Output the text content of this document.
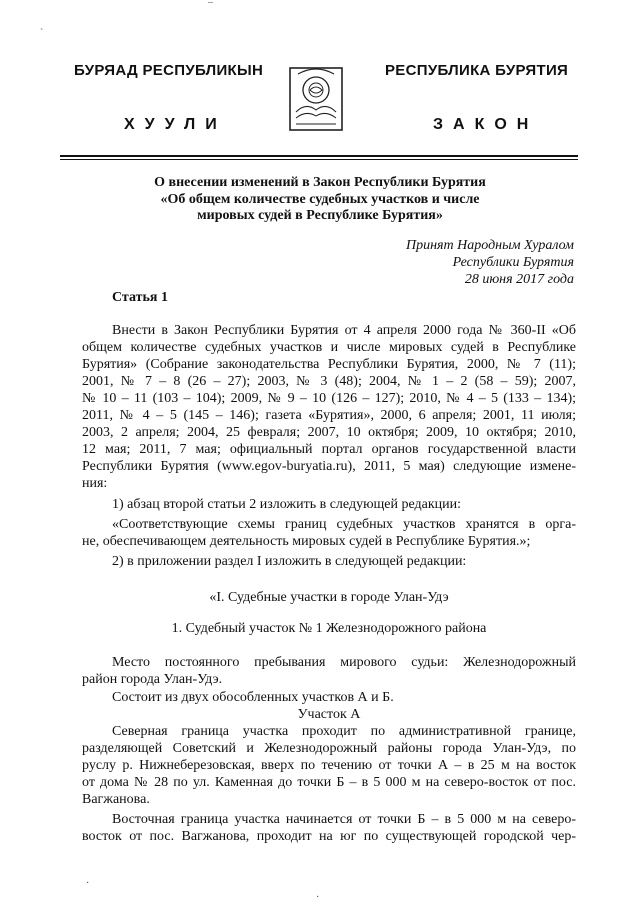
¯
ˋ
БУРЯАД РЕСПУБЛИКЫН
ХУУЛИ
РЕСПУБЛИКА БУРЯТИЯ
ЗАКОН
О внесении изменений в Закон Республики Бурятия
«Об общем количестве судебных участков и числе
мировых судей в Республике Бурятия»
Принят Народным Хуралом
Республики Бурятия
28 июня 2017 года
Статья 1
Внести в Закон Республики Бурятия от 4 апреля 2000 года № 360-II «Об
общем количестве судебных участков и числе мировых судей в Республике
Бурятия» (Собрание законодательства Республики Бурятия, 2000, № 7 (11);
2001, № 7 – 8 (26 – 27); 2003, № 3 (48); 2004, № 1 – 2 (58 – 59); 2007,
№ 10 – 11 (103 – 104); 2009, № 9 – 10 (126 – 127); 2010, № 4 – 5 (133 – 134);
2011, № 4 – 5 (145 – 146); газета «Бурятия», 2000, 6 апреля; 2001, 11 июля;
2003, 2 апреля; 2004, 25 февраля; 2007, 10 октября; 2009, 10 октября; 2010,
12 мая; 2011, 7 мая; официальный портал органов государственной власти
Республики Бурятия (www.egov-buryatia.ru), 2011, 5 мая) следующие измене-
ния:
1) абзац второй статьи 2 изложить в следующей редакции:
«Соответствующие схемы границ судебных участков хранятся в орга-
не, обеспечивающем деятельность мировых судей в Республике Бурятия.»;
2) в приложении раздел I изложить в следующей редакции:
«I. Судебные участки в городе Улан-Удэ
1. Судебный участок № 1 Железнодорожного района
Место постоянного пребывания мирового судьи: Железнодорожный
район города Улан-Удэ.
Состоит из двух обособленных участков А и Б.
Участок А
Северная граница участка проходит по административной границе,
разделяющей Советский и Железнодорожный районы города Улан-Удэ, по
руслу р. Нижнеберезовская, вверх по течению от точки А – в 25 м на восток
от дома № 28 по ул. Каменная до точки Б – в 5 000 м на северо-восток от пос.
Вагжанова.
Восточная граница участка начинается от точки Б – в 5 000 м на северо-
восток от пос. Вагжанова, проходит на юг по существующей городской чер-
·
·
